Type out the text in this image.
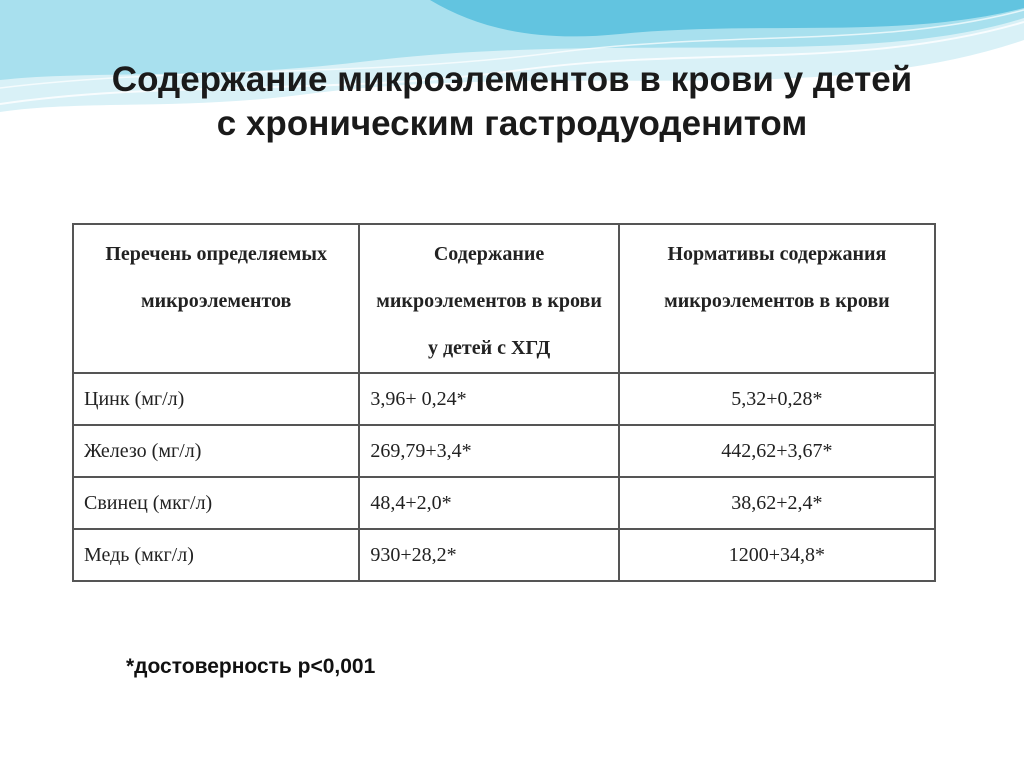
Содержание микроэлементов в крови у детей
с хроническим гастродуоденитом
Перечень определяемых микроэлементов	Содержание микроэлементов в крови у детей с ХГД	Нормативы содержания микроэлементов в крови
Цинк (мг/л)	3,96+ 0,24*	5,32+0,28*
Железо (мг/л)	269,79+3,4*	442,62+3,67*
Свинец (мкг/л)	48,4+2,0*	38,62+2,4*
Медь (мкг/л)	930+28,2*	1200+34,8*
*достоверность р<0,001
